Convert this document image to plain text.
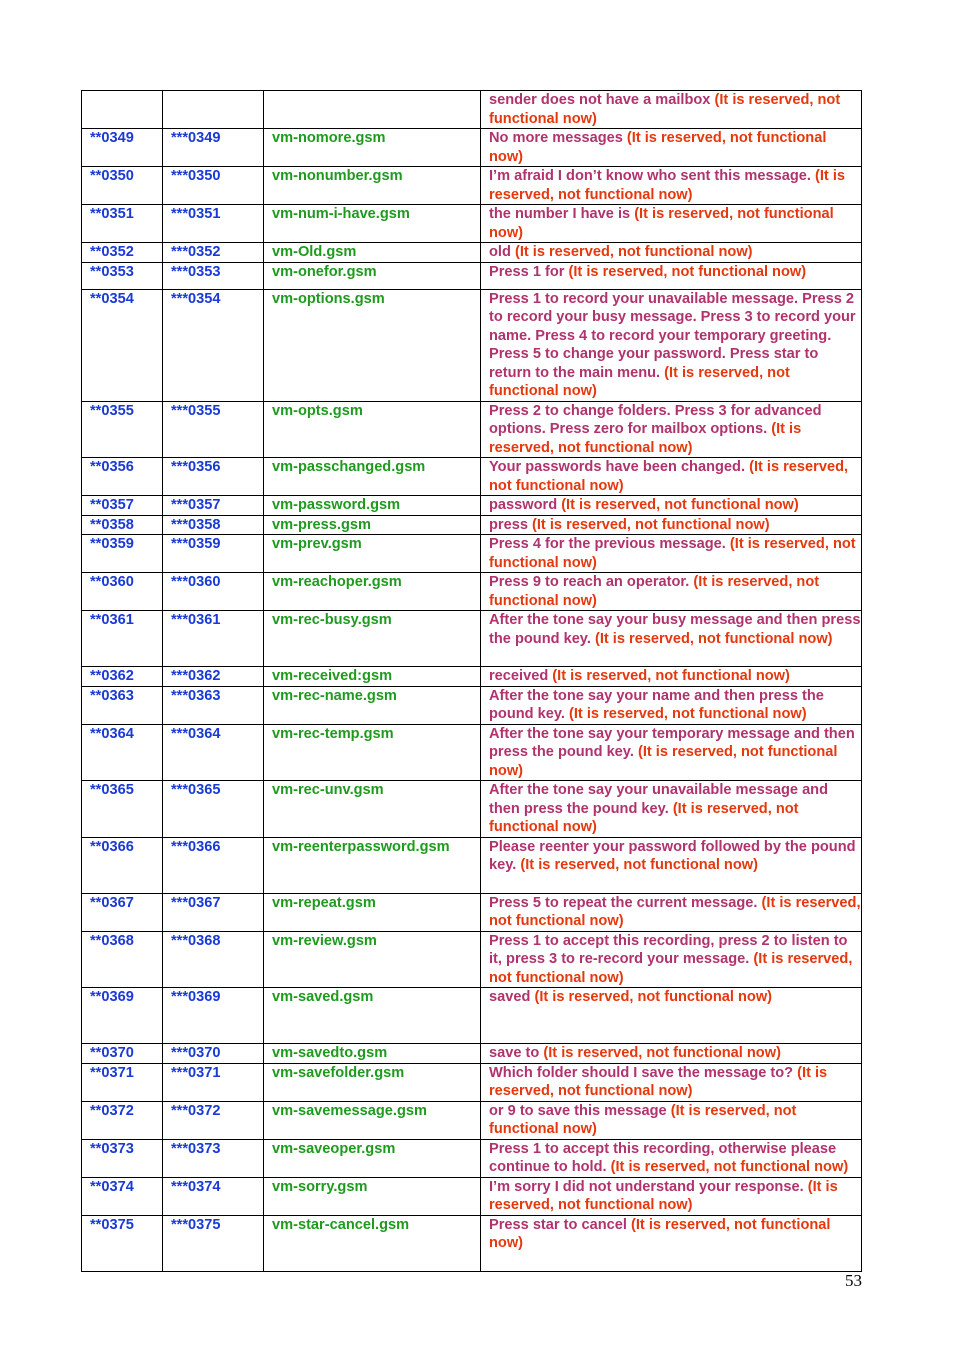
			sender does not have a mailbox (It is reserved, not functional now)
**0349	***0349	vm-nomore.gsm	No more messages (It is reserved, not functional now)
**0350	***0350	vm-nonumber.gsm	I’m afraid I don’t know who sent this message. (It is reserved, not functional now)
**0351	***0351	vm-num-i-have.gsm	the number I have is (It is reserved, not functional now)
**0352	***0352	vm-Old.gsm	old (It is reserved, not functional now)
**0353	***0353	vm-onefor.gsm	Press 1 for (It is reserved, not functional now)
**0354	***0354	vm-options.gsm	Press 1 to record your unavailable message. Press 2 to record your busy message. Press 3 to record your name. Press 4 to record your temporary greeting. Press 5 to change your password. Press star to return to the main menu. (It is reserved, not functional now)
**0355	***0355	vm-opts.gsm	Press 2 to change folders. Press 3 for advanced options. Press zero for mailbox options. (It is reserved, not functional now)
**0356	***0356	vm-passchanged.gsm	Your passwords have been changed. (It is reserved, not functional now)
**0357	***0357	vm-password.gsm	password (It is reserved, not functional now)
**0358	***0358	vm-press.gsm	press (It is reserved, not functional now)
**0359	***0359	vm-prev.gsm	Press 4 for the previous message. (It is reserved, not functional now)
**0360	***0360	vm-reachoper.gsm	Press 9 to reach an operator. (It is reserved, not functional now)
**0361	***0361	vm-rec-busy.gsm	After the tone say your busy message and then press the pound key. (It is reserved, not functional now)
**0362	***0362	vm-received:gsm	received (It is reserved, not functional now)
**0363	***0363	vm-rec-name.gsm	After the tone say your name and then press the pound key. (It is reserved, not functional now)
**0364	***0364	vm-rec-temp.gsm	After the tone say your temporary message and then press the pound key. (It is reserved, not functional now)
**0365	***0365	vm-rec-unv.gsm	After the tone say your unavailable message and then press the pound key. (It is reserved, not functional now)
**0366	***0366	vm-reenterpassword.gsm	Please reenter your password followed by the pound key. (It is reserved, not functional now)
**0367	***0367	vm-repeat.gsm	Press 5 to repeat the current message. (It is reserved, not functional now)
**0368	***0368	vm-review.gsm	Press 1 to accept this recording, press 2 to listen to it, press 3 to re-record your message. (It is reserved, not functional now)
**0369	***0369	vm-saved.gsm	saved (It is reserved, not functional now)
**0370	***0370	vm-savedto.gsm	save to (It is reserved, not functional now)
**0371	***0371	vm-savefolder.gsm	Which folder should I save the message to? (It is reserved, not functional now)
**0372	***0372	vm-savemessage.gsm	or 9 to save this message (It is reserved, not functional now)
**0373	***0373	vm-saveoper.gsm	Press 1 to accept this recording, otherwise please continue to hold. (It is reserved, not functional now)
**0374	***0374	vm-sorry.gsm	I’m sorry I did not understand your response. (It is reserved, not functional now)
**0375	***0375	vm-star-cancel.gsm	Press star to cancel (It is reserved, not functional now)
53
